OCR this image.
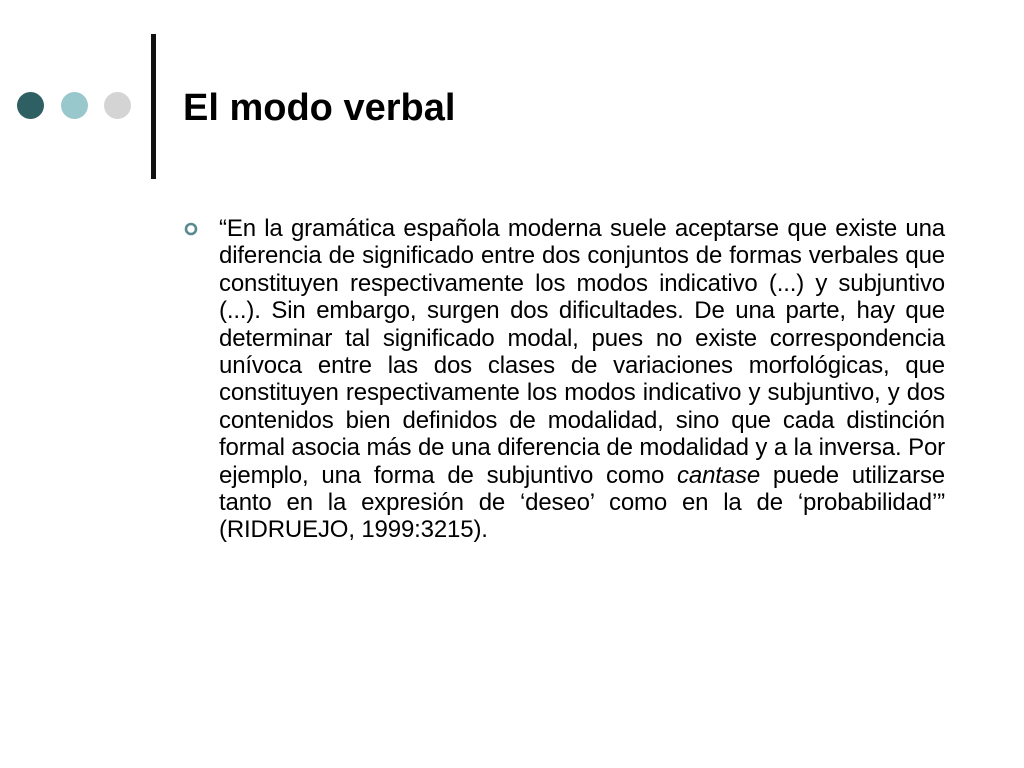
El modo verbal

“En la gramática española moderna suele aceptarse que existe una diferencia de significado entre dos conjuntos de formas verbales que constituyen respectivamente los modos indicativo (...) y subjuntivo (...). Sin embargo, surgen dos dificultades. De una parte, hay que determinar tal significado modal, pues no existe correspondencia unívoca entre las dos clases de variaciones morfológicas, que constituyen respectivamente los modos indicativo y subjuntivo, y dos contenidos bien definidos de modalidad, sino que cada distinción formal asocia más de una diferencia de modalidad y a la inversa. Por ejemplo, una forma de subjuntivo como cantase puede utilizarse tanto en la expresión de ‘deseo’ como en la de ‘probabilidad’” (RIDRUEJO, 1999:3215).
